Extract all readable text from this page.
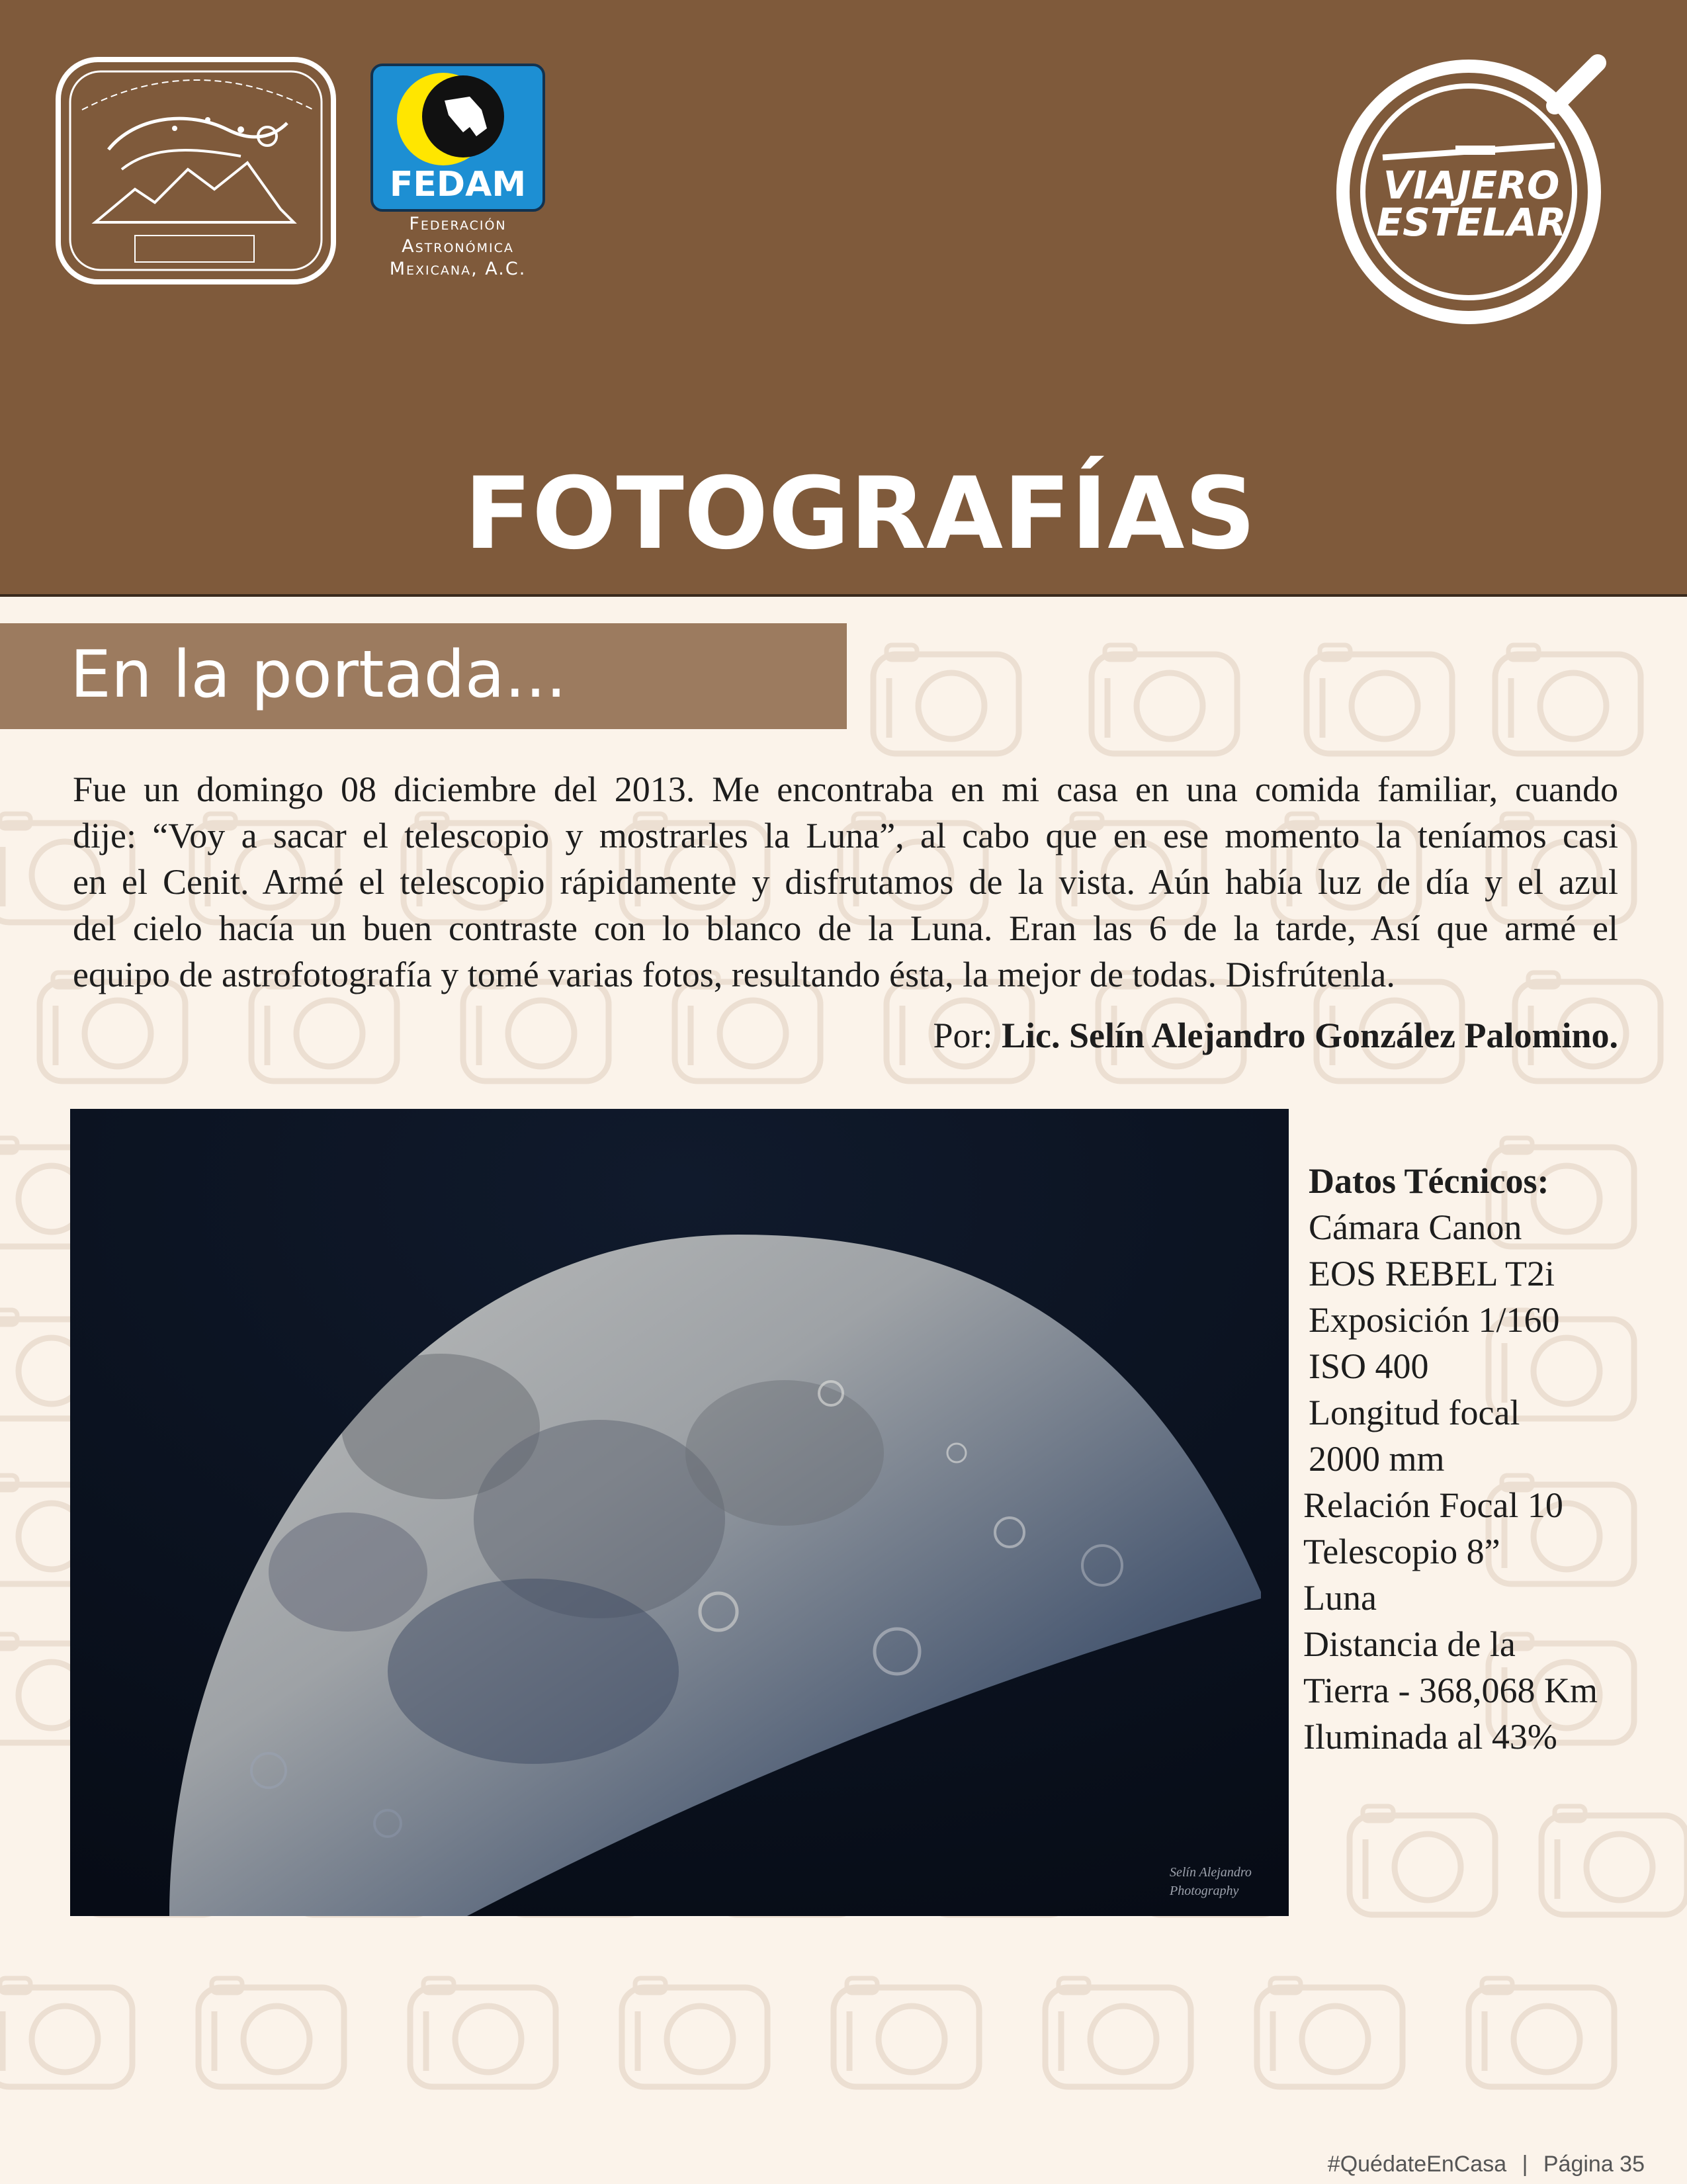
FEDAM
Federación
Astronómica
Mexicana, A.C.
VIAJERO
ESTELAR
FOTOGRAFÍAS
En la portada...
Fue un domingo 08 diciembre del 2013. Me encontraba en mi casa en una comida familiar, cuando
dije: “Voy a sacar el telescopio y mostrarles la Luna”, al cabo que en ese momento la teníamos casi
en el Cenit. Armé el telescopio rápidamente y disfrutamos de la vista. Aún había luz de día y el azul
del cielo hacía un buen contraste con lo blanco de la Luna. Eran las 6 de la tarde, Así que armé el
equipo de astrofotografía y tomé varias fotos, resultando ésta, la mejor de todas. Disfrútenla.
Por: Lic. Selín Alejandro González Palomino.
Selín Alejandro
Photography
Datos Técnicos:
Cámara Canon
EOS REBEL T2i
Exposición 1/160
ISO 400
Longitud focal
2000 mm
Relación Focal 10
Telescopio 8”
Luna
Distancia de la
Tierra - 368,068 Km
Iluminada al 43%
#QuédateEnCasa | Página 35
